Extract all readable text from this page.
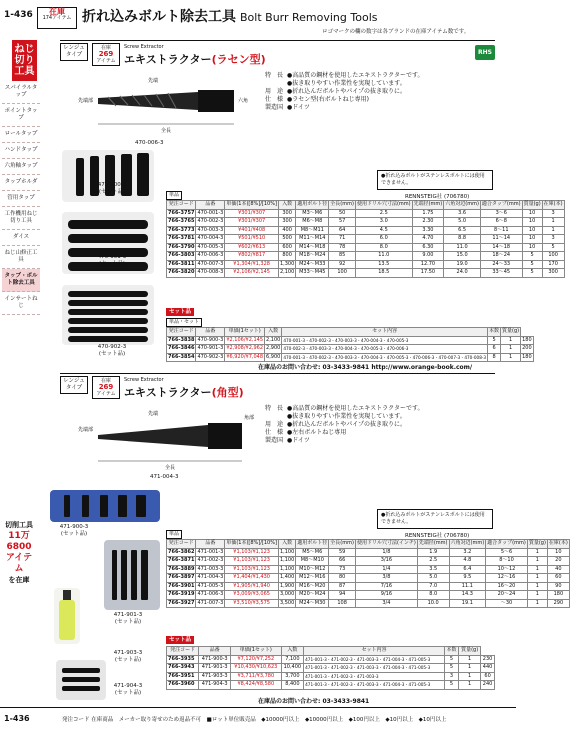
1-436	在庫
174アイテム 折れ込みボルト除去工具 Bolt Burr Removing Tools
ロゴマークの欄の数字は各ブランドの在庫アイテム数です。
ねじ切り工具
スパイラルタップ
ポイントタップ
ロールタップ
ハンドタップ
六角軸タップ
タップホルダ
管用タップ
工作機用ねじ切り工具
ダイス
ねじ山修正工具
タップ・ボルト除去工具
インサートねじ
切削工具
11万6800アイテム
を在庫
レンジュタイプ
在庫
269
アイテム
Screw Extractor
エキストラクター(ラセン型)
RHS
全長
先端
先端部	六角
470-006-3
特　長 ●高品質の鋼材を使用したエキストラクターです。
●抜き取りやすい作業性を実現しています。
用　途 ●折れ込んだボルトやパイプの抜き取りに。
仕　様 ●ラセン型(右ボルトねじ専用)
製造国 ●ドイツ
470-900-3
(セット品)
470-901-3
(セット品)
470-902-3
(セット品)
●折れ込みボルトがステンレスボルトには使用できません。
単品	RENNSTEIG社 (706780)
発注コード	品番	単価(1本)[8%]/[10%]	入数	適用ボルト径	全長(mm)	使用ドリル穴寸法(mm)	先端径(mm)	六角対辺(mm)	適合タップ(mm)	質量(g)	在庫(本)
766-3757	470-001-3	¥301/¥307	300	M3～M6	50	2.5	1.75	3.6	3～6	10	3
766-3765	470-002-3	¥301/¥307	300	M6～M8	57	3.0	2.30	5.0	6～8	10	1
766-3773	470-003-3	¥401/¥408	400	M8～M11	64	4.5	3.30	6.5	8～11	10	1
766-3781	470-004-3	¥501/¥510	500	M11～M14	71	6.0	4.70	8.8	11～14	10	3
766-3790	470-005-3	¥602/¥613	600	M14～M18	78	8.0	6.30	11.0	14～18	10	5
766-3803	470-006-3	¥802/¥817	800	M18～M24	85	11.0	9.00	15.0	18～24	5	100
766-3811	470-007-3	¥1,304/¥1,328	1,300	M24～M33	92	13.5	12.70	19.0	24～33	5	170
766-3820	470-008-3	¥2,106/¥2,145	2,100	M33～M45	100	18.5	17.50	24.0	33～45	5	300
セット品
単品・セット
発注コード	品番	単価(1セット)	入数	セット内容	本数	質量(g)	
766-3838	470-900-3	¥2,106/¥2,145	2,100	470-001-3・470-002-3・470-003-3・470-004-3・470-005-3	5	1	180
766-3846	470-901-3	¥2,908/¥2,962	2,900	470-002-3・470-003-3・470-004-3・470-005-3・470-006-3	6	1	200
766-3854	470-902-3	¥6,920/¥7,048	6,900	470-001-3・470-002-3・470-003-3・470-004-3・470-005-3・470-006-3・470-007-3・470-008-3	8	1	180
在庫品のお問い合わせ: 03-3433-9841 http://www.orange-book.com/
レンジュタイプ
在庫
269
アイテム
Screw Extractor
エキストラクター(角型)
全長
先端
先端部
角部
471-004-3
特　長 ●高品質の鋼材を使用したエキストラクターです。
●抜き取りやすい作業性を実現しています。
用　途 ●折れ込んだボルトやパイプの抜き取りに。
仕　様 ●左右ボルトねじ専用
製造国 ●ドイツ
471-900-3
(セット品)
471-901-3
(セット品)
471-903-3
(セット品)
471-904-3
(セット品)
●折れ込みボルトがステンレスボルトには使用できません。
単品	RENNSTEIG社 (706780)
発注コード	品番	単価(1本)[8%]/[10%]	入数	適用ボルト径	全長(mm)	使用ドリル穴寸法(インチ)	先端径(mm)	六角対辺(mm)	適合タップ(mm)	質量(g)	在庫(本)
766-3862	471-001-3	¥1,103/¥1,123	1,100	M5～M6	59	1/8	1.9	3.2	5～6	1	10
766-3871	471-002-3	¥1,103/¥1,123	1,100	M8～M10	66	3/16	2.5	4.8	8～10	1	20
766-3889	471-003-3	¥1,103/¥1,123	1,100	M10～M12	73	1/4	3.5	6.4	10～12	1	40
766-3897	471-004-3	¥1,404/¥1,430	1,400	M12～M16	80	3/8	5.0	9.5	12～16	1	60
766-3901	471-005-3	¥1,905/¥1,940	1,900	M16～M20	87	7/16	7.0	11.1	16～20	1	90
766-3919	471-006-3	¥3,009/¥3,065	3,000	M20～M24	94	9/16	8.0	14.3	20～24	1	180
766-3927	471-007-3	¥3,510/¥3,575	3,500	M24～M30	108	3/4	10.0	19.1	～30	1	290
セット品
発注コード	品番	単価(1セット)	入数	セット内容	本数	質量(g)	
766-3935	471-900-3	¥7,120/¥7,252	7,100	471-001-3・471-002-3・471-003-3・471-004-3・471-005-3	5	1	230
766-3943	471-901-3	¥10,430/¥10,623	10,400	471-001-3・471-002-3・471-003-3・471-004-3・471-005-3	5	1	440
766-3951	471-903-3	¥3,711/¥3,780	3,700	471-001-3・471-002-3・471-003-3	3	1	60
766-3960	471-904-3	¥8,424/¥8,580	8,400	471-001-3・471-002-3・471-003-3・471-004-3・471-005-3	5	1	240
在庫品のお問い合わせ: 03-3433-9841
1-436	発注コード 在庫商品　メーカー取り寄せのため返品不可　■ロット単位販売品　◆10000円以上　◆10000円以上　◆100円以上　◆10円以上　◆10円以上
